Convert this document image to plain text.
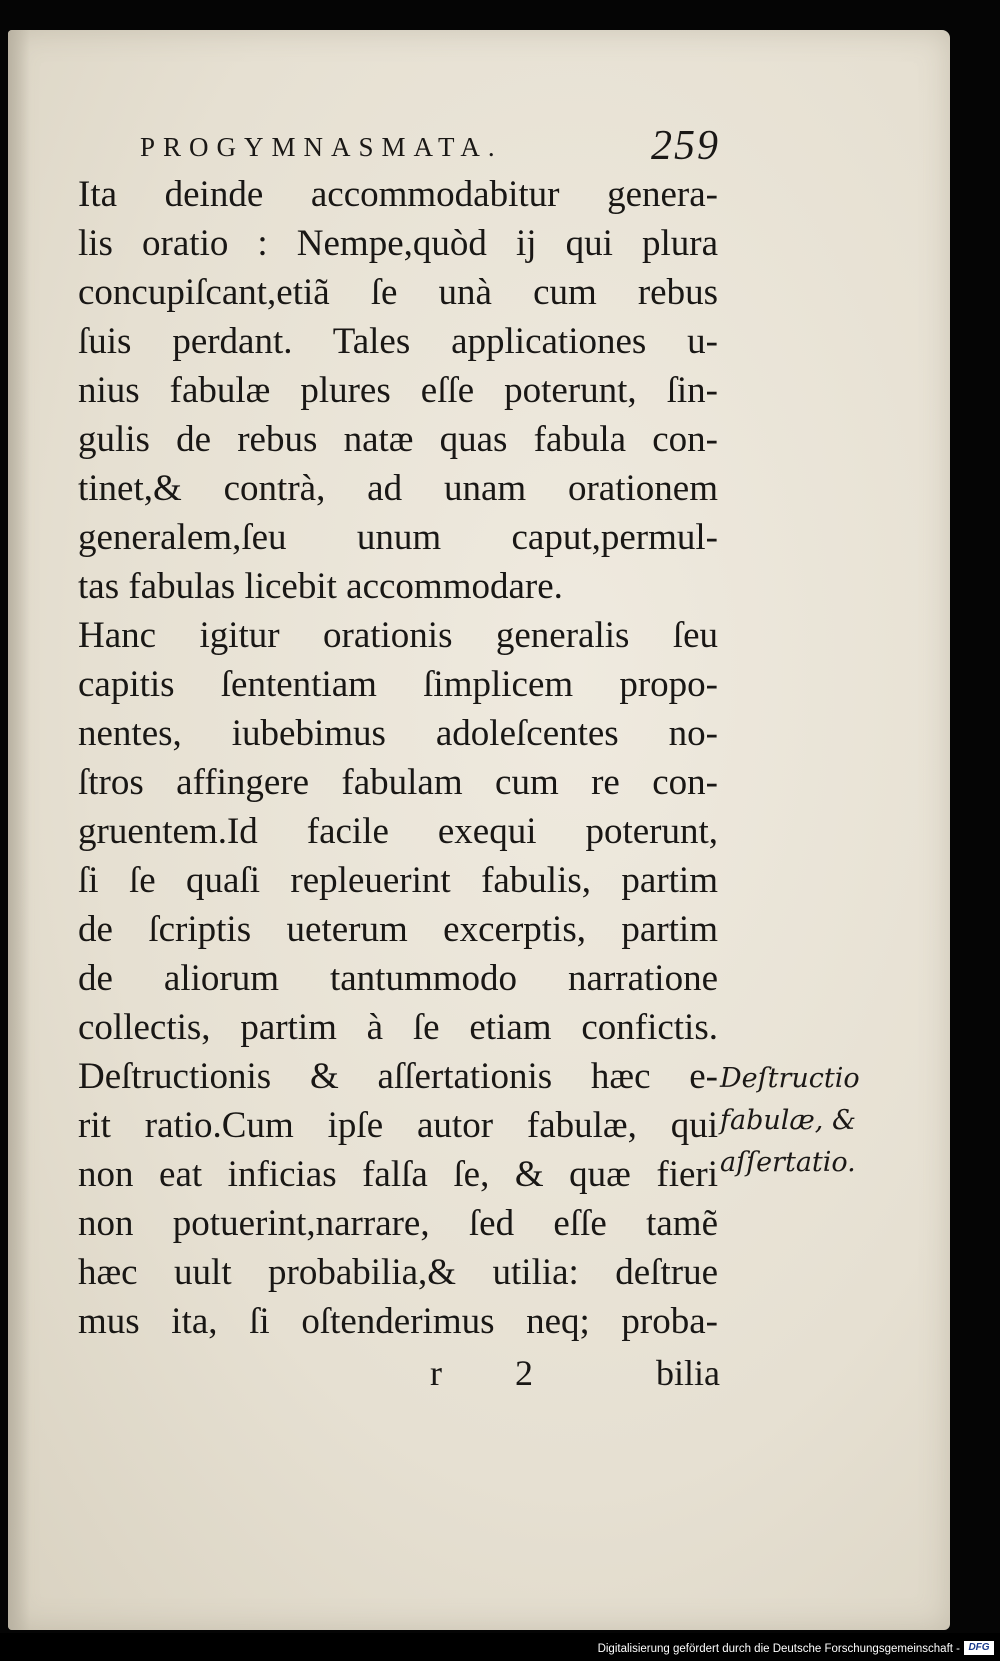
PROGYMNASMATA.	259
Ita deinde accommodabitur genera-
lis oratio : Nempe,quòd ij qui plura
concupiſcant,etiã ſe unà cum rebus
ſuis perdant. Tales applicationes u-
nius fabulæ plures eſſe poterunt, ſin-
gulis de rebus natæ quas fabula con-
tinet,& contrà, ad unam orationem
generalem,ſeu unum caput,permul-
tas fabulas licebit accommodare.
Hanc igitur orationis generalis ſeu
capitis ſententiam ſimplicem propo-
nentes, iubebimus adoleſcentes no-
ſtros affingere fabulam cum re con-
gruentem.Id facile exequi poterunt,
ſi ſe quaſi repleuerint fabulis, partim
de ſcriptis ueterum excerptis, partim
de aliorum tantummodo narratione
collectis, partim à ſe etiam confictis.
Deſtructionis & aſſertationis hæc e-
rit ratio.Cum ipſe autor fabulæ, qui
non eat inficias falſa ſe, & quæ fieri
non potuerint,narrare, ſed eſſe tamẽ
hæc uult probabilia,& utilia: deſtrue
mus ita, ſi oſtenderimus neq; proba-
Deſtructio
fabulæ, &
aſſertatio.
r 2	bilia
Digitalisierung gefördert durch die Deutsche Forschungsgemeinschaft - DFG
